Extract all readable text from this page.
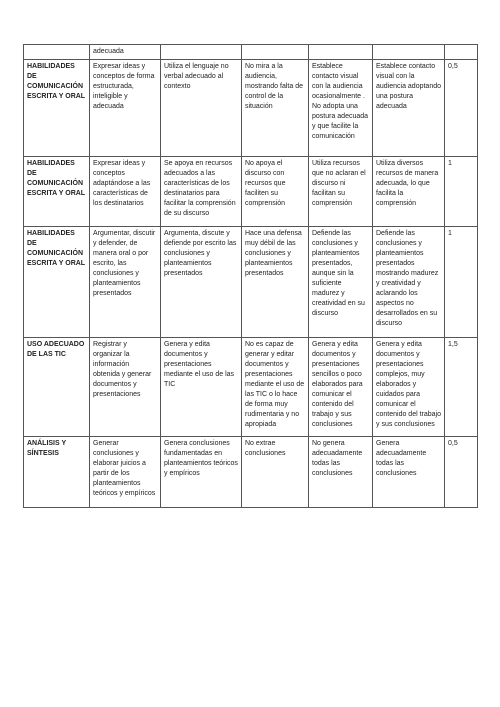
	adecuada					
HABILIDADES DE COMUNICACIÓN ESCRITA Y ORAL	Expresar ideas y conceptos de forma estructurada, inteligible y adecuada	Utiliza el lenguaje no verbal adecuado al contexto	No mira a la audiencia, mostrando falta de control de la situación	Establece contacto visual con la audiencia ocasionalmente . No adopta una postura adecuada y que facilite la comunicación	Establece contacto visual con la audiencia adoptando una postura adecuada	0,5
HABILIDADES DE COMUNICACIÓN ESCRITA Y ORAL	Expresar ideas y conceptos adaptándose a las características de los destinatarios	Se apoya en recursos adecuados a las características de los destinatarios para facilitar la comprensión de su discurso	No apoya el discurso con recursos que faciliten su comprensión	Utiliza recursos que no aclaran el discurso ni facilitan su comprensión	Utiliza diversos recursos de manera adecuada, lo que facilita la comprensión	1
HABILIDADES DE COMUNICACIÓN ESCRITA Y ORAL	Argumentar, discutir y defender, de manera oral o por escrito, las conclusiones y planteamientos presentados	Argumenta, discute y defiende por escrito las conclusiones y planteamientos presentados	Hace una defensa muy débil de las conclusiones y planteamientos presentados	Defiende las conclusiones y planteamientos presentados, aunque sin la suficiente madurez y creatividad en su discurso	Defiende las conclusiones y planteamientos presentados mostrando madurez y creatividad y aclarando los aspectos no desarrollados en su discurso	1
USO ADECUADO DE LAS TIC	Registrar y organizar la información obtenida y generar documentos y presentaciones	Genera y edita documentos y presentaciones mediante el uso de las TIC	No es capaz de generar y editar documentos y presentaciones mediante el uso de las TIC o lo hace de forma muy rudimentaria y no apropiada	Genera y edita documentos y presentaciones sencillos o poco elaborados para comunicar el contenido del trabajo y sus conclusiones	Genera y edita documentos y presentaciones complejos, muy elaborados y cuidados para comunicar el contenido del trabajo y sus conclusiones	1,5
ANÁLISIS Y SÍNTESIS	Generar conclusiones y elaborar juicios a partir de los planteamientos teóricos y empíricos	Genera conclusiones fundamentadas en planteamientos teóricos y empíricos	No extrae conclusiones	No genera adecuadamente todas las conclusiones	Genera adecuadamente todas las conclusiones	0,5
